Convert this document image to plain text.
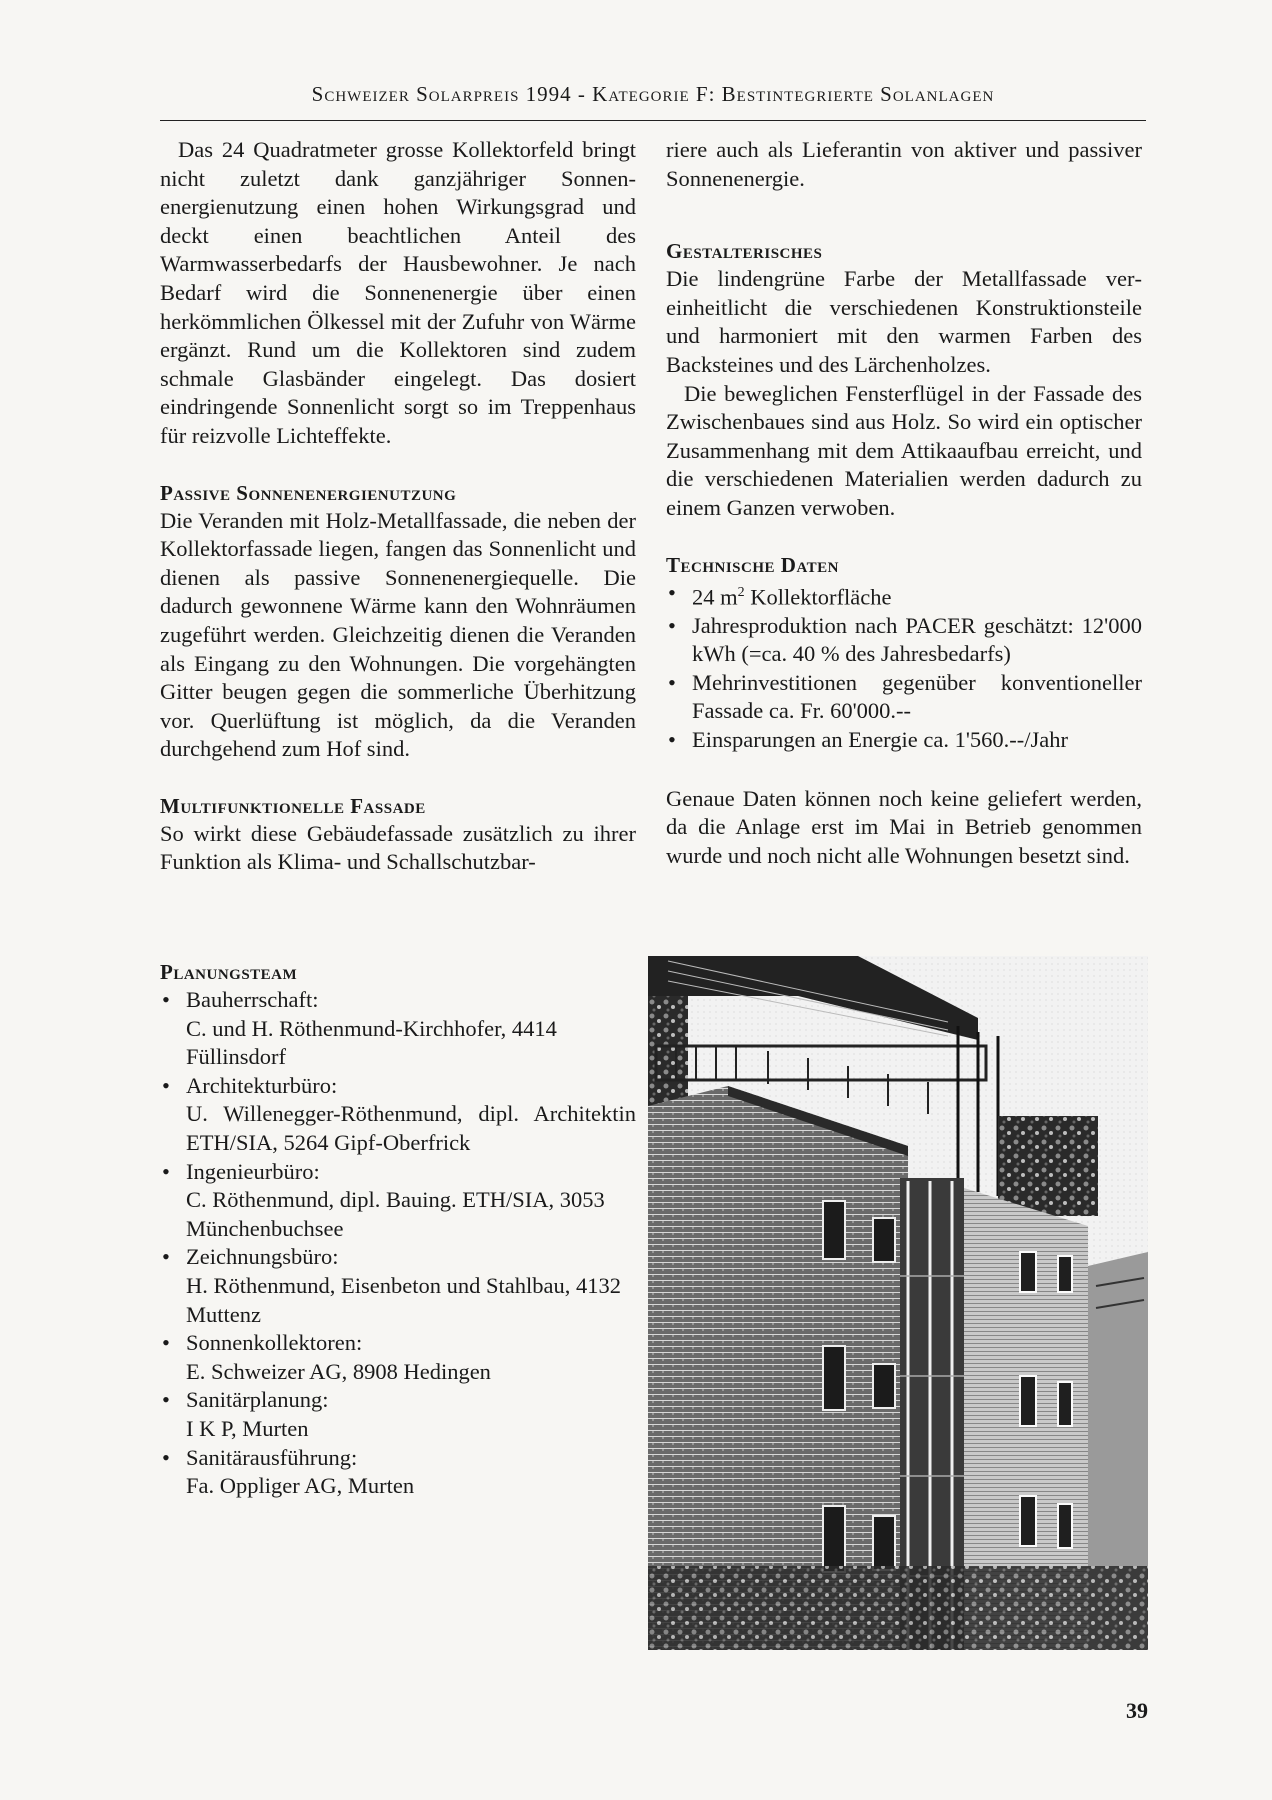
Schweizer Solarpreis 1994 - Kategorie F: Bestintegrierte Solanlagen

Das 24 Quadratmeter grosse Kollektorfeld bringt nicht zuletzt dank ganzjähriger Sonnenenergienutzung einen hohen Wirkungsgrad und deckt einen beachtlichen Anteil des Warmwasserbedarfs der Hausbewohner. Je nach Bedarf wird die Sonnenenergie über einen herkömmlichen Ölkessel mit der Zufuhr von Wärme ergänzt. Rund um die Kollektoren sind zudem schmale Glasbänder eingelegt. Das dosiert eindringende Sonnenlicht sorgt so im Treppenhaus für reizvolle Lichteffekte.

Passive Sonnenenergienutzung

Die Veranden mit Holz-Metallfassade, die neben der Kollektorfassade liegen, fangen das Sonnenlicht und dienen als passive Sonnenenergiequelle. Die dadurch gewonnene Wärme kann den Wohnräumen zugeführt werden. Gleichzeitig dienen die Veranden als Eingang zu den Wohnungen. Die vorgehängten Gitter beugen gegen die sommerliche Überhitzung vor. Querlüftung ist möglich, da die Veranden durchgehend zum Hof sind.

Multifunktionelle Fassade

So wirkt diese Gebäudefassade zusätzlich zu ihrer Funktion als Klima- und Schallschutzbar-

Planungsteam
• Bauherrschaft:
C. und H. Röthenmund-Kirchhofer, 4414 Füllinsdorf
• Architekturbüro:
U. Willenegger-Röthenmund, dipl. Architektin ETH/SIA, 5264 Gipf-Oberfrick
• Ingenieurbüro:
C. Röthenmund, dipl. Bauing. ETH/SIA, 3053 Münchenbuchsee
• Zeichnungsbüro:
H. Röthenmund, Eisenbeton und Stahlbau, 4132 Muttenz
• Sonnenkollektoren:
E. Schweizer AG, 8908 Hedingen
• Sanitärplanung:
I K P, Murten
• Sanitärausführung:
Fa. Oppliger AG, Murten

riere auch als Lieferantin von aktiver und passiver Sonnenenergie.

Gestalterisches

Die lindengrüne Farbe der Metallfassade vereinheitlicht die verschiedenen Konstruktionsteile und harmoniert mit den warmen Farben des Backsteines und des Lärchenholzes.

Die beweglichen Fensterflügel in der Fassade des Zwischenbaues sind aus Holz. So wird ein optischer Zusammenhang mit dem Attikaaufbau erreicht, und die verschiedenen Materialien werden dadurch zu einem Ganzen verwoben.

Technische Daten
• 24 $m^2$ Kollektorfläche
• Jahresproduktion nach PACER geschätzt: 12'000 kWh (=ca. 40 % des Jahresbedarfs)
• Mehrinvestitionen gegenüber konventioneller Fassade ca. Fr. 60'000.--
• Einsparungen an Energie ca. 1'560.--/Jahr

Genaue Daten können noch keine geliefert werden, da die Anlage erst im Mai in Betrieb genommen wurde und noch nicht alle Wohnungen besetzt sind.

39
